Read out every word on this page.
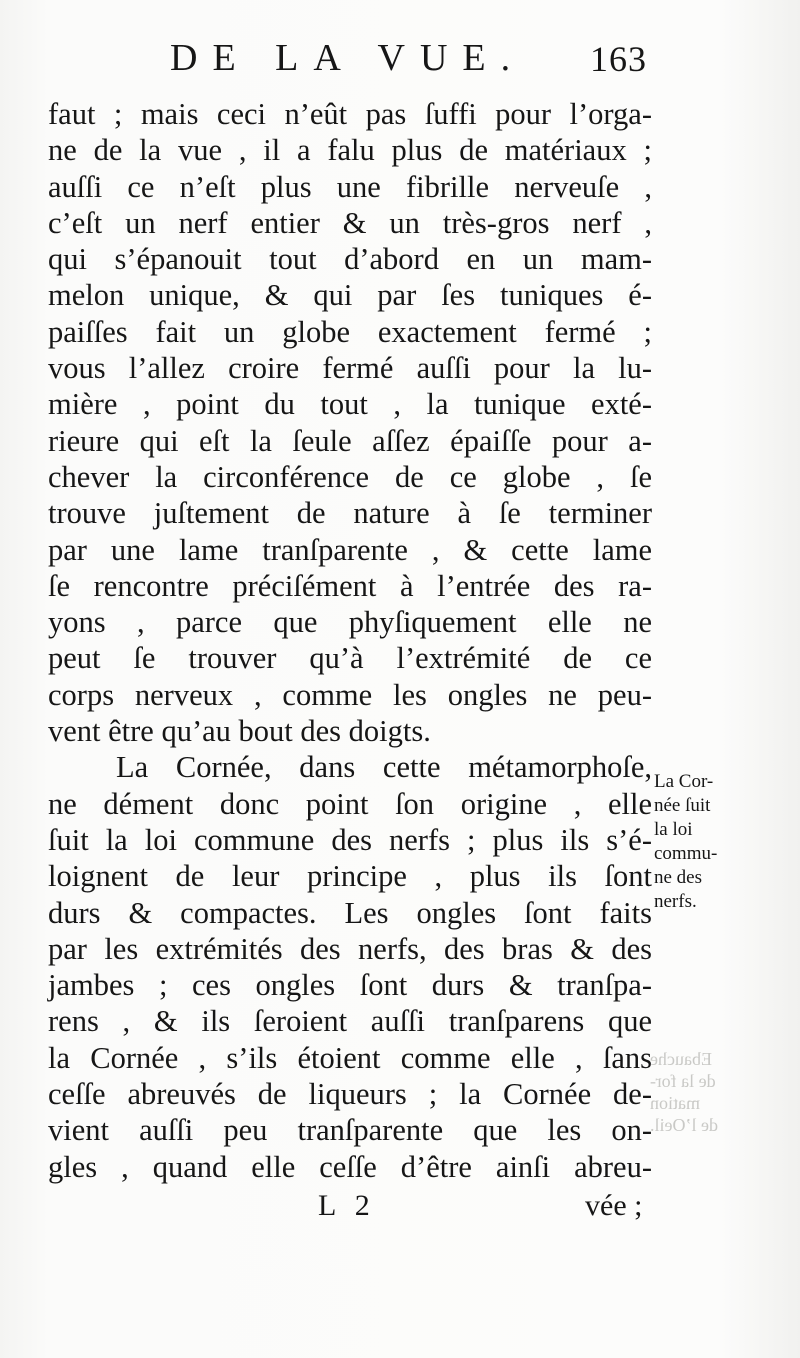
Ebauche
de la for-
mation
de l’Oeil.
DE LA VUE. 163
faut ; mais ceci n’eût pas ſuffi pour l’orga-
ne de la vue , il a falu plus de matériaux ;
auſſi ce n’eſt plus une fibrille nerveuſe ,
c’eſt un nerf entier & un très-gros nerf ,
qui s’épanouit tout d’abord en un mam-
melon unique, & qui par ſes tuniques é-
paiſſes fait un globe exactement fermé ;
vous l’allez croire fermé auſſi pour la lu-
mière , point du tout , la tunique exté-
rieure qui eſt la ſeule aſſez épaiſſe pour a-
chever la circonférence de ce globe , ſe
trouve juſtement de nature à ſe terminer
par une lame tranſparente , & cette lame
ſe rencontre préciſément à l’entrée des ra-
yons , parce que phyſiquement elle ne
peut ſe trouver qu’à l’extrémité de ce
corps nerveux , comme les ongles ne peu-
vent être qu’au bout des doigts.
La Cornée, dans cette métamorphoſe,
ne dément donc point ſon origine , elle
ſuit la loi commune des nerfs ; plus ils s’é-
loignent de leur principe , plus ils ſont
durs & compactes. Les ongles ſont faits
par les extrémités des nerfs, des bras & des
jambes ; ces ongles ſont durs & tranſpa-
rens , & ils ſeroient auſſi tranſparens que
la Cornée , s’ils étoient comme elle , ſans
ceſſe abreuvés de liqueurs ; la Cornée de-
vient auſſi peu tranſparente que les on-
gles , quand elle ceſſe d’être ainſi abreu-
La Cor-
née ſuit
la loi
commu-
ne des
nerfs.
L 2	vée ;
